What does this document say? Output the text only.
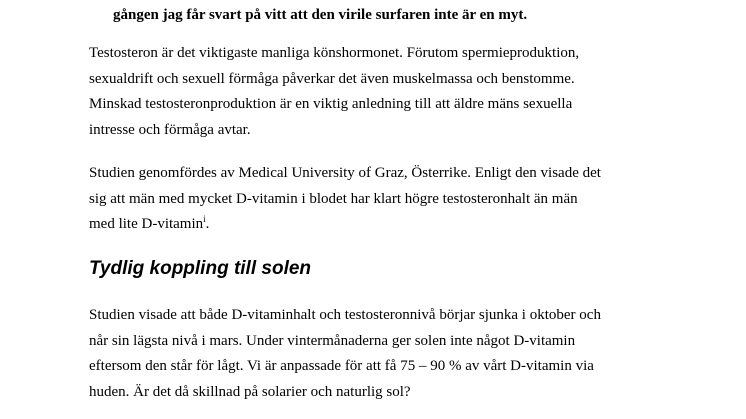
gången jag får svart på vitt att den virile surfaren inte är en myt.

Testosteron är det viktigaste manliga könshormonet. Förutom spermieproduktion,
sexualdrift och sexuell förmåga påverkar det även muskelmassa och benstomme.
Minskad testosteronproduktion är en viktig anledning till att äldre mäns sexuella
intresse och förmåga avtar.

Studien genomfördes av Medical University of Graz, Österrike. Enligt den visade det
sig att män med mycket D-vitamin i blodet har klart högre testosteronhalt än män
med lite D-vitamin$^i$.

Tydlig koppling till solen

Studien visade att både D-vitaminhalt och testosteronnivå börjar sjunka i oktober och
når sin lägsta nivå i mars. Under vintermånaderna ger solen inte något D-vitamin
eftersom den står för lågt. Vi är anpassade för att få 75 – 90 % av vårt D-vitamin via
huden. Är det då skillnad på solarier och naturlig sol?
